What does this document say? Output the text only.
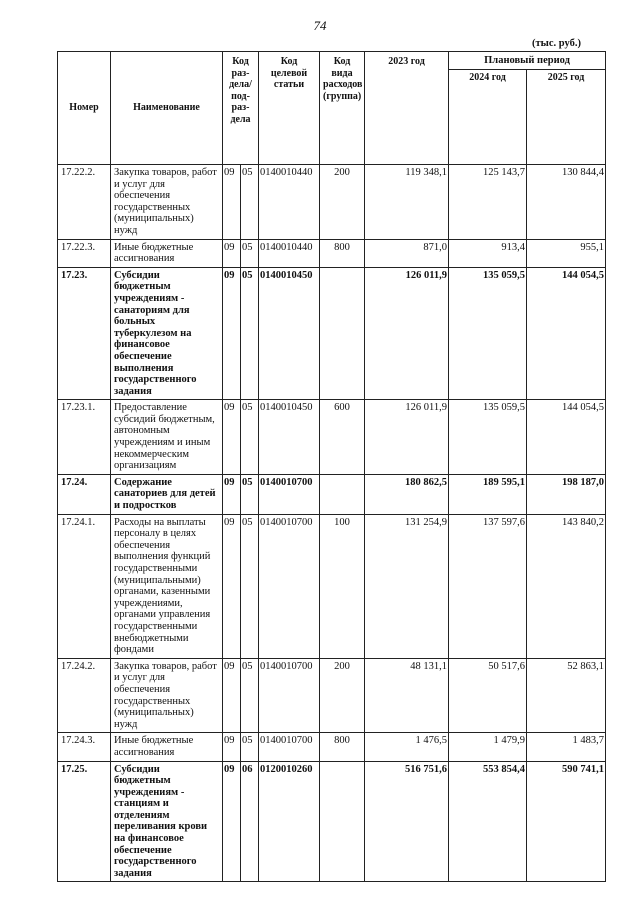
74
(тыс. руб.)
Номер	Наименование	Код раз-дела/ под-раз-дела		Код целевой статьи	Код вида расходов (группа)	2023 год	Плановый период	
							2024 год	2025 год
17.22.2.	Закупка товаров, работ и услуг для обеспечения государственных (муниципальных) нужд	09	05	0140010440	200	119 348,1	125 143,7	130 844,4
17.22.3.	Иные бюджетные ассигнования	09	05	0140010440	800	871,0	913,4	955,1
17.23.	Субсидии бюджетным учреждениям - санаториям для больных туберкулезом на финансовое обеспечение выполнения государственного задания	09	05	0140010450		126 011,9	135 059,5	144 054,5
17.23.1.	Предоставление субсидий бюджетным, автономным учреждениям и иным некоммерческим организациям	09	05	0140010450	600	126 011,9	135 059,5	144 054,5
17.24.	Содержание санаториев для детей и подростков	09	05	0140010700		180 862,5	189 595,1	198 187,0
17.24.1.	Расходы на выплаты персоналу в целях обеспечения выполнения функций государственными (муниципальными) органами, казенными учреждениями, органами управления государственными внебюджетными фондами	09	05	0140010700	100	131 254,9	137 597,6	143 840,2
17.24.2.	Закупка товаров, работ и услуг для обеспечения государственных (муниципальных) нужд	09	05	0140010700	200	48 131,1	50 517,6	52 863,1
17.24.3.	Иные бюджетные ассигнования	09	05	0140010700	800	1 476,5	1 479,9	1 483,7
17.25.	Субсидии бюджетным учреждениям - станциям и отделениям переливания крови на финансовое обеспечение государственного задания	09	06	0120010260		516 751,6	553 854,4	590 741,1
